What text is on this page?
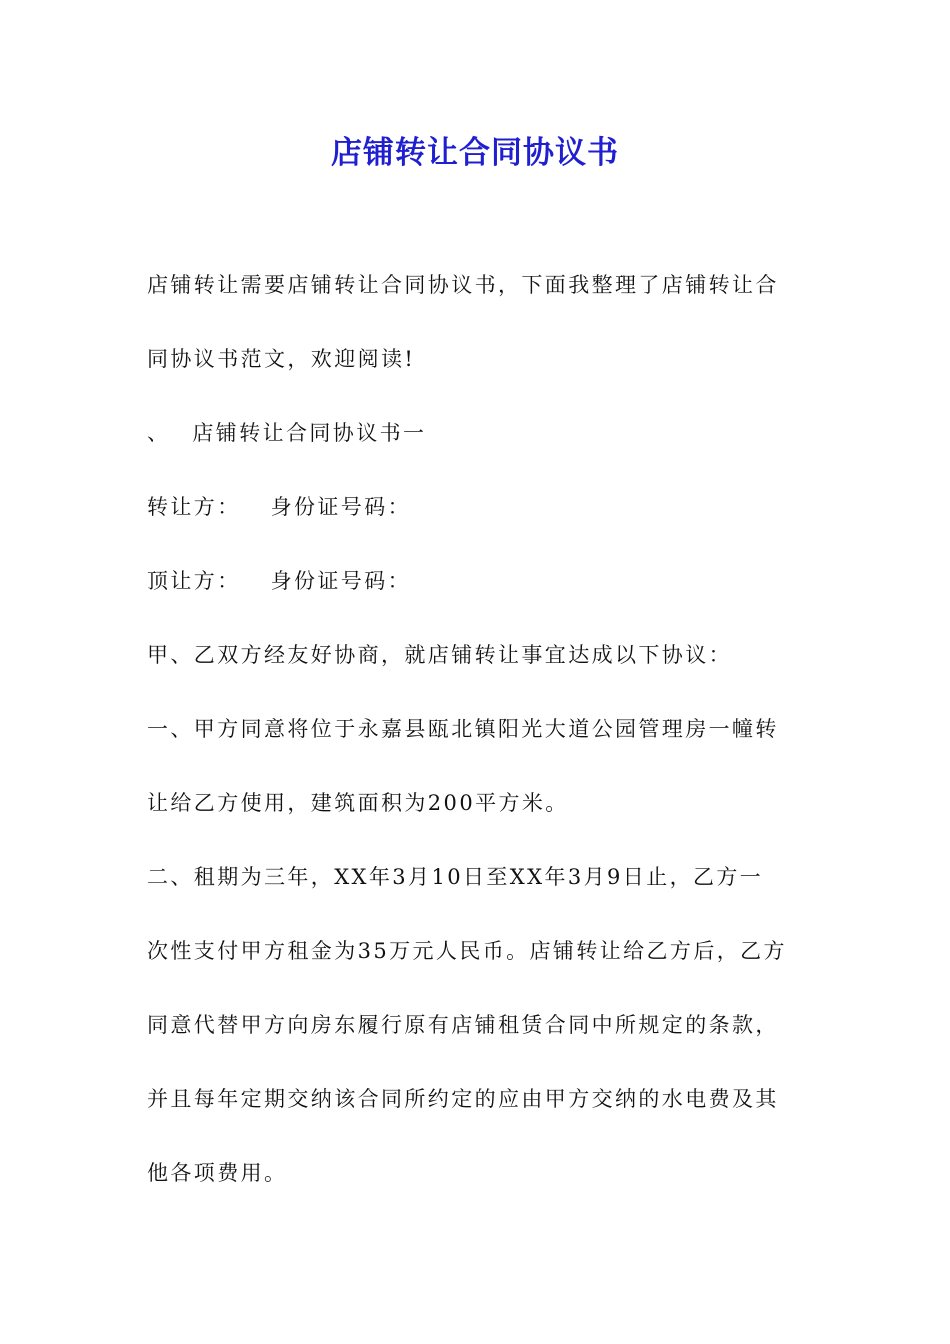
店铺转让合同协议书
店铺转让需要店铺转让合同协议书，下面我整理了店铺转让合
同协议书范文，欢迎阅读!
、 店铺转让合同协议书一
转让方： 身份证号码：
顶让方： 身份证号码：
甲、乙双方经友好协商，就店铺转让事宜达成以下协议：
一、甲方同意将位于永嘉县瓯北镇阳光大道公园管理房一幢转
让给乙方使用，建筑面积为200平方米。
二、租期为三年，XX年3月10日至XX年3月9日止，乙方一
次性支付甲方租金为35万元人民币。店铺转让给乙方后，乙方
同意代替甲方向房东履行原有店铺租赁合同中所规定的条款，
并且每年定期交纳该合同所约定的应由甲方交纳的水电费及其
他各项费用。
